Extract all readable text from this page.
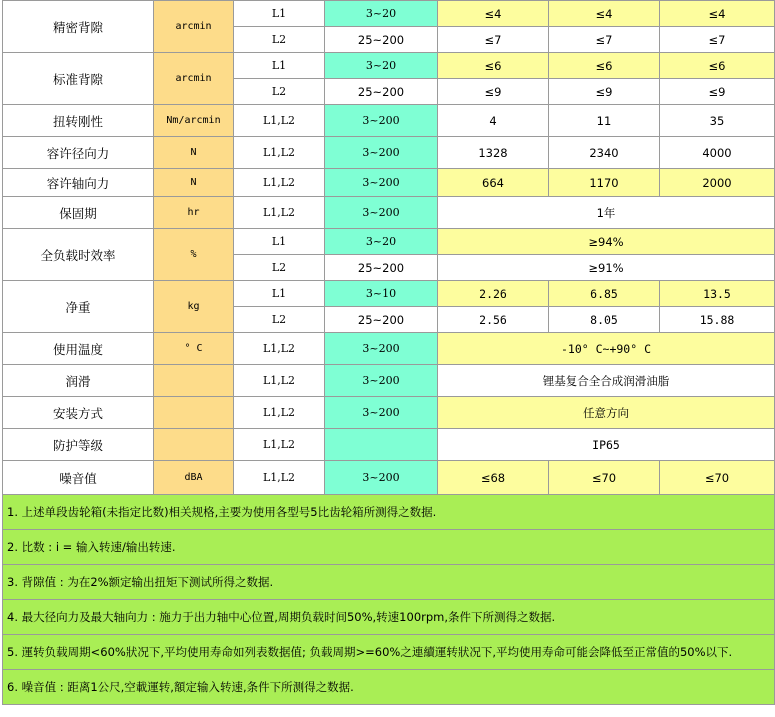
精密背隙	arcmin	L1	3~20	≤4	≤4	≤4
		L2	25~200	≤7	≤7	≤7
标准背隙	arcmin	L1	3~20	≤6	≤6	≤6
		L2	25~200	≤9	≤9	≤9
扭转刚性	Nm/arcmin	L1,L2	3~200	4	11	35
容许径向力	N	L1,L2	3~200	1328	2340	4000
容许轴向力	N	L1,L2	3~200	664	1170	2000
保固期	hr	L1,L2	3~200	1年		
全负载时效率	%	L1	3~20	≥94%		
		L2	25~200	≥91%		
净重	kg	L1	3~10	2.26	6.85	13.5
		L2	25~200	2.56	8.05	15.88
使用温度	° C	L1,L2	3~200	-10° C~+90° C		
润滑		L1,L2	3~200	锂基复合全合成润滑油脂		
安装方式		L1,L2	3~200	任意方向		
防护等级		L1,L2		IP65		
噪音值	dBA	L1,L2	3~200	≤68	≤70	≤70
1. 上述单段齿轮箱(未指定比数)相关规格,主要为使用各型号5比齿轮箱所测得之数据.						
2. 比数 : i = 输入转速/输出转速.						
3. 背隙值 : 为在2%额定输出扭矩下测试所得之数据.						
4. 最大径向力及最大轴向力 : 施力于出力轴中心位置,周期负载时间50%,转速100rpm,条件下所测得之数据.						
5. 運转负载周期<60%狀况下,平均使用寿命如列表数据值; 负载周期>=60%之連續運转狀况下,平均使用寿命可能会降低至正常值的50%以下.						
6. 噪音值 : 距离1公尺,空載運转,額定输入转速,条件下所测得之数据.						
